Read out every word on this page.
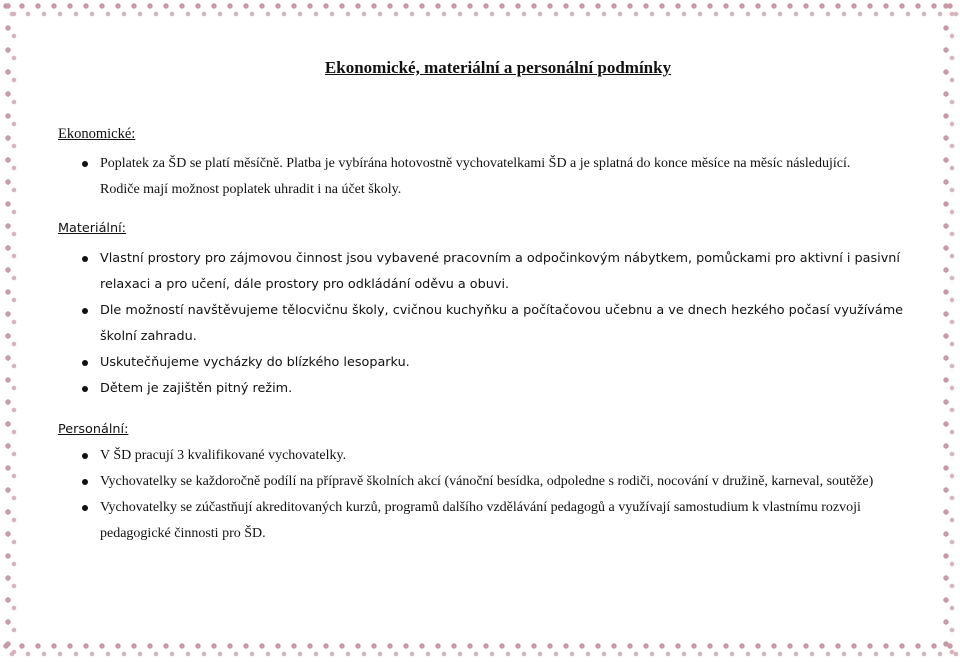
Ekonomické, materiální a personální podmínky

Ekonomické:

Poplatek za ŠD se platí měsíčně. Platba je vybírána hotovostně vychovatelkami ŠD a je splatná do konce měsíce na měsíc následující. Rodiče mají možnost poplatek uhradit i na účet školy.

Materiální:

Vlastní prostory pro zájmovou činnost jsou vybavené pracovním a odpočinkovým nábytkem, pomůckami pro aktivní i pasivní relaxaci a pro učení, dále prostory pro odkládání oděvu a obuvi.
Dle možností navštěvujeme tělocvičnu školy, cvičnou kuchyňku a počítačovou učebnu a ve dnech hezkého počasí využíváme školní zahradu.
Uskutečňujeme vycházky do blízkého lesoparku.
Dětem je zajištěn pitný režim.

Personální:

V ŠD pracují 3 kvalifikované vychovatelky.
Vychovatelky se každoročně podílí na přípravě školních akcí (vánoční besídka, odpoledne s rodiči, nocování v družině, karneval, soutěže)
Vychovatelky se zúčastňují akreditovaných kurzů, programů dalšího vzdělávání pedagogů a využívají samostudium k vlastnímu rozvoji pedagogické činnosti pro ŠD.
